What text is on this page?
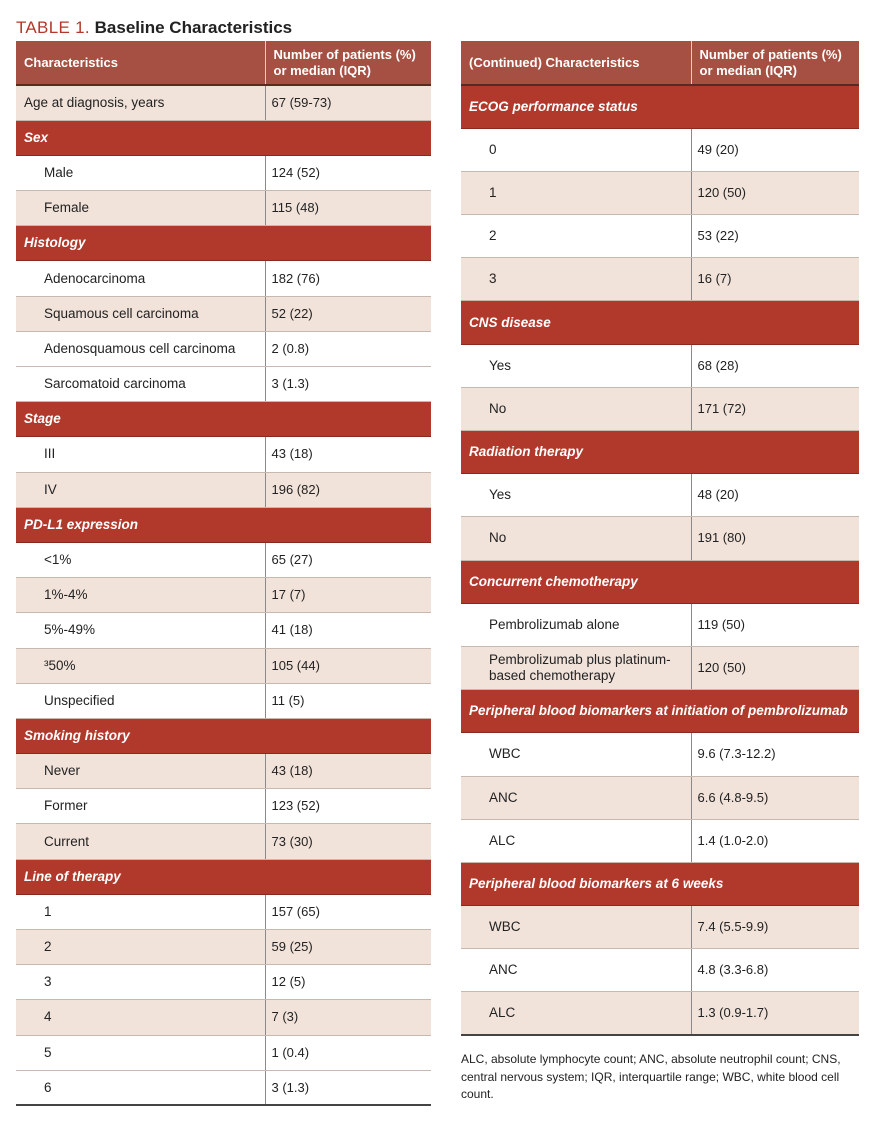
TABLE 1. Baseline Characteristics
Characteristics	Number of patients (%) or median (IQR)
Age at diagnosis, years	67 (59-73)
Sex	
Male	124 (52)
Female	115 (48)
Histology	
Adenocarcinoma	182 (76)
Squamous cell carcinoma	52 (22)
Adenosquamous cell carcinoma	2 (0.8)
Sarcomatoid carcinoma	3 (1.3)
Stage	
III	43 (18)
IV	196 (82)
PD-L1 expression	
<1%	65 (27)
1%-4%	17 (7)
5%-49%	41 (18)
³50%	105 (44)
Unspecified	11 (5)
Smoking history	
Never	43 (18)
Former	123 (52)
Current	73 (30)
Line of therapy	
1	157 (65)
2	59 (25)
3	12 (5)
4	7 (3)
5	1 (0.4)
6	3 (1.3)
(Continued) Characteristics	Number of patients (%) or median (IQR)
ECOG performance status	
0	49 (20)
1	120 (50)
2	53 (22)
3	16 (7)
CNS disease	
Yes	68 (28)
No	171 (72)
Radiation therapy	
Yes	48 (20)
No	191 (80)
Concurrent chemotherapy	
Pembrolizumab alone	119 (50)
Pembrolizumab plus platinum-based chemotherapy	120 (50)
Peripheral blood biomarkers at initiation of pembrolizumab	
WBC	9.6 (7.3-12.2)
ANC	6.6 (4.8-9.5)
ALC	1.4 (1.0-2.0)
Peripheral blood biomarkers at 6 weeks	
WBC	7.4 (5.5-9.9)
ANC	4.8 (3.3-6.8)
ALC	1.3 (0.9-1.7)
ALC, absolute lymphocyte count; ANC, absolute neutrophil count; CNS, central nervous system; IQR, interquartile range; WBC, white blood cell count.
